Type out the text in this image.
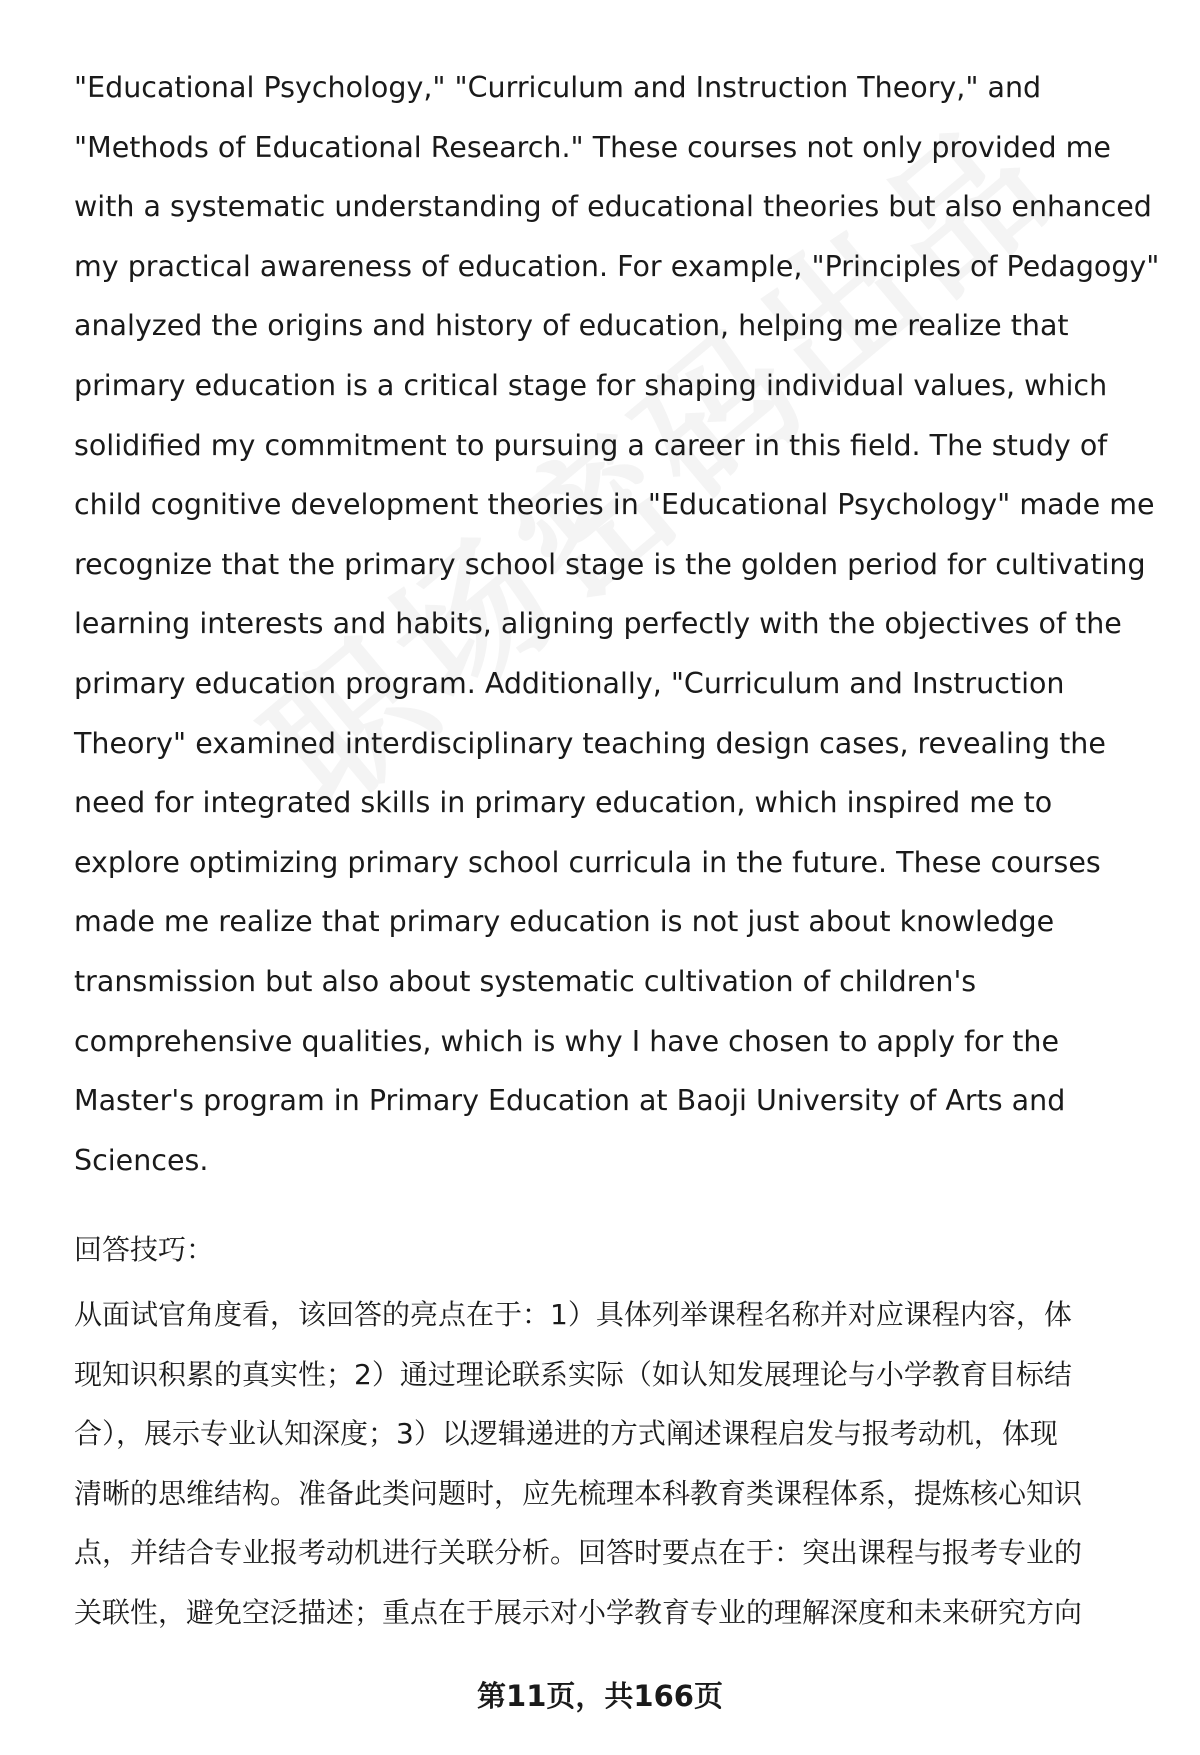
"Educational Psychology," "Curriculum and Instruction Theory," and
"Methods of Educational Research." These courses not only provided me
with a systematic understanding of educational theories but also enhanced
my practical awareness of education. For example, "Principles of Pedagogy"
analyzed the origins and history of education, helping me realize that
primary education is a critical stage for shaping individual values, which
solidified my commitment to pursuing a career in this field. The study of
child cognitive development theories in "Educational Psychology" made me
recognize that the primary school stage is the golden period for cultivating
learning interests and habits, aligning perfectly with the objectives of the
primary education program. Additionally, "Curriculum and Instruction
Theory" examined interdisciplinary teaching design cases, revealing the
need for integrated skills in primary education, which inspired me to
explore optimizing primary school curricula in the future. These courses
made me realize that primary education is not just about knowledge
transmission but also about systematic cultivation of children's
comprehensive qualities, which is why I have chosen to apply for the
Master's program in Primary Education at Baoji University of Arts and
Sciences.
回答技巧：
从面试官角度看，该回答的亮点在于：1）具体列举课程名称并对应课程内容，体
现知识积累的真实性；2）通过理论联系实际（如认知发展理论与小学教育目标结
合），展示专业认知深度；3）以逻辑递进的方式阐述课程启发与报考动机，体现
清晰的思维结构。准备此类问题时，应先梳理本科教育类课程体系，提炼核心知识
点，并结合专业报考动机进行关联分析。回答时要点在于：突出课程与报考专业的
关联性，避免空泛描述；重点在于展示对小学教育专业的理解深度和未来研究方向
第11页，共166页
